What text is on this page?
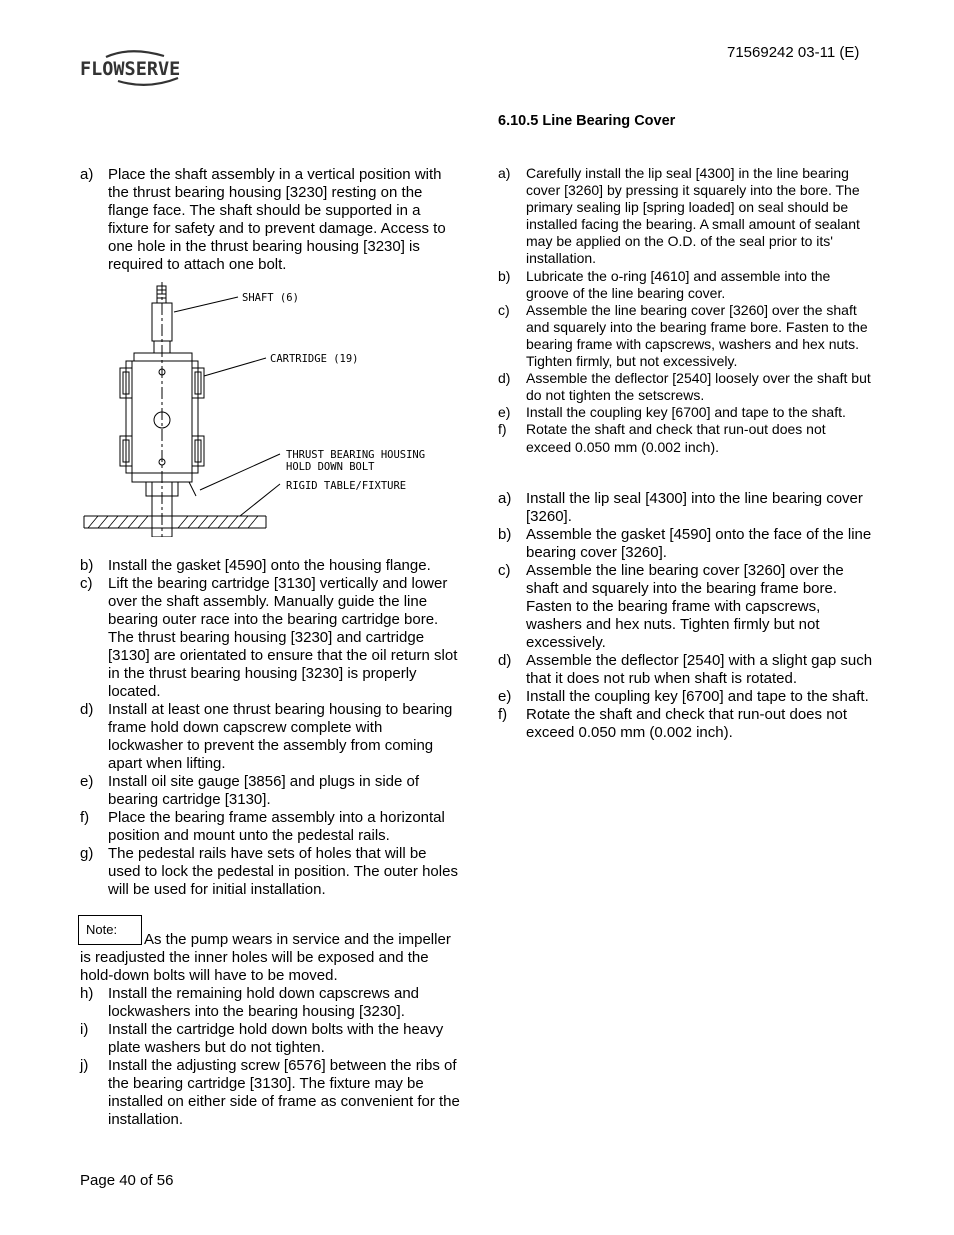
FLOWSERVE
71569242 03-11 (E)
6.10.5 Line Bearing Cover
a) Place the shaft assembly in a vertical position with the thrust bearing housing [3230] resting on the flange face. The shaft should be supported in a fixture for safety and to prevent damage. Access to one hole in the thrust bearing housing [3230] is required to attach one bolt.
SHAFT (6)
CARTRIDGE (19)
THRUST BEARING HOUSING
HOLD DOWN BOLT
RIGID TABLE/FIXTURE
b) Install the gasket [4590] onto the housing flange.
c) Lift the bearing cartridge [3130] vertically and lower over the shaft assembly. Manually guide the line bearing outer race into the bearing cartridge bore. The thrust bearing housing [3230] and cartridge [3130] are orientated to ensure that the oil return slot in the thrust bearing housing [3230] is properly located.
d) Install at least one thrust bearing housing to bearing frame hold down capscrew complete with lockwasher to prevent the assembly from coming apart when lifting.
e) Install oil site gauge [3856] and plugs in side of bearing cartridge [3130].
f) Place the bearing frame assembly into a horizontal position and mount unto the pedestal rails.
g) The pedestal rails have sets of holes that will be used to lock the pedestal in position. The outer holes will be used for initial installation.
Note:
As the pump wears in service and the impeller is readjusted the inner holes will be exposed and the hold-down bolts will have to be moved.
h) Install the remaining hold down capscrews and lockwashers into the bearing housing [3230].
i) Install the cartridge hold down bolts with the heavy plate washers but do not tighten.
j) Install the adjusting screw [6576] between the ribs of the bearing cartridge [3130]. The fixture may be installed on either side of frame as convenient for the installation.
a) Carefully install the lip seal [4300] in the line bearing cover [3260] by pressing it squarely into the bore. The primary sealing lip [spring loaded] on seal should be installed facing the bearing. A small amount of sealant may be applied on the O.D. of the seal prior to its' installation.
b) Lubricate the o-ring [4610] and assemble into the groove of the line bearing cover.
c) Assemble the line bearing cover [3260] over the shaft and squarely into the bearing frame bore. Fasten to the bearing frame with capscrews, washers and hex nuts. Tighten firmly, but not excessively.
d) Assemble the deflector [2540] loosely over the shaft but do not tighten the setscrews.
e) Install the coupling key [6700] and tape to the shaft.
f) Rotate the shaft and check that run-out does not exceed 0.050 mm (0.002 inch).
a) Install the lip seal [4300] into the line bearing cover [3260].
b) Assemble the gasket [4590] onto the face of the line bearing cover [3260].
c) Assemble the line bearing cover [3260] over the shaft and squarely into the bearing frame bore. Fasten to the bearing frame with capscrews, washers and hex nuts. Tighten firmly but not excessively.
d) Assemble the deflector [2540] with a slight gap such that it does not rub when shaft is rotated.
e) Install the coupling key [6700] and tape to the shaft.
f) Rotate the shaft and check that run-out does not exceed 0.050 mm (0.002 inch).
Page 40 of 56
